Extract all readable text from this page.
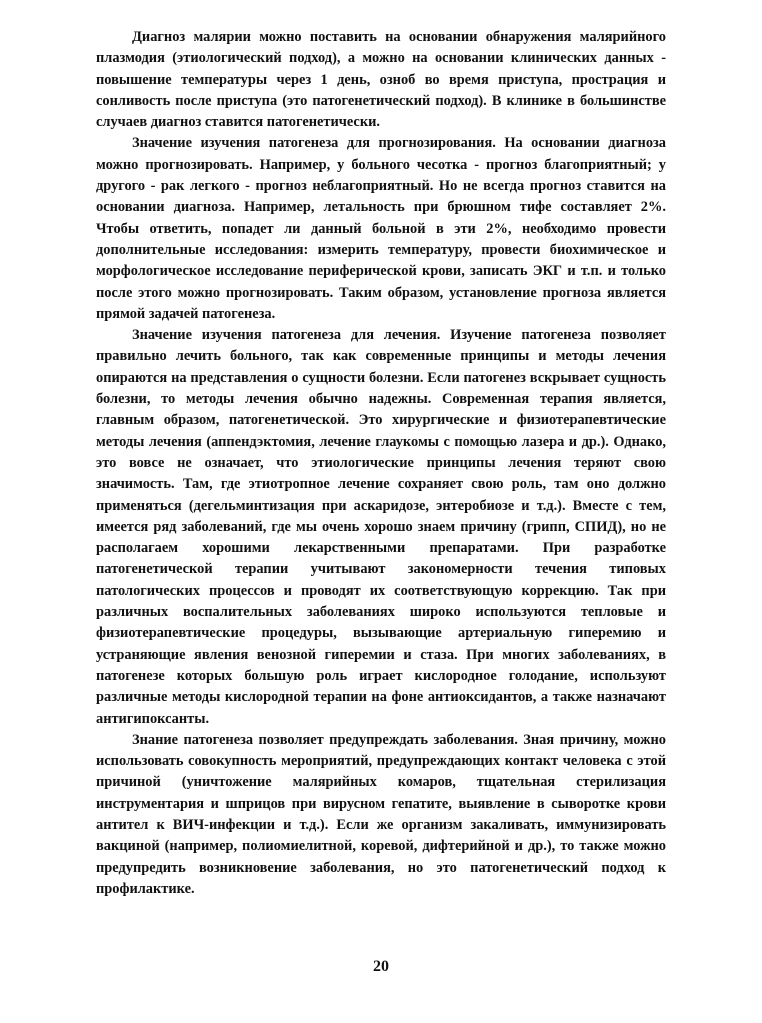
Диагноз маляр​ии можно поставить на основании обнаружения малярийного плазмодия (этиологический подход), а можно на основании клинических данных - повышение температуры через 1 день, озноб во время приступа, прострация и сонливость после приступа (это патогенетический подход). В клинике в большинстве случаев диагноз ставится патогенетически.

Значение изучения патогенеза для прогнозирования. На основании диагноза можно прогнозировать. Например, у больного чесотка - прогноз благоприятный; у другого - рак легкого - прогноз неблагоприятный. Но не всегда прогноз ставится на основании диагноза. Например, летальность при брюшном тифе составляет 2%. Чтобы ответить, попадет ли данный больной в эти 2%, необходимо провести дополнительные исследования: измерить температуру, провести биохимическое и морфологическое исследование периферической крови, записать ЭКГ и т.п. и только после этого можно прогнозировать. Таким образом, установление прогноза является прямой задачей патогенеза.

Значение изучения патогенеза для лечения. Изучение патогенеза позволяет правильно лечить больного, так как современные принципы и методы лечения опираются на представления о сущности болезни. Если патогенез вскрывает сущность болезни, то методы лечения обычно надежны. Современная терапия является, главным образом, патогенетической. Это хирургические и физиотерапевтические методы лечения (аппендэктомия, лечение глаукомы с помощью лазера и др.). Однако, это вовсе не означает, что этиологические принципы лечения теряют свою значимость. Там, где этиотропное лечение сохраняет свою роль, там оно должно применяться (дегельминтизация при аскаридозе, энтеробиозе и т.д.). Вместе с тем, имеется ряд заболеваний, где мы очень хорошо знаем причину (грипп, СПИД), но не располагаем хорошими лекарственными препаратами. При разработке патогенетической терапии учитывают закономерности течения типовых патологических процессов и проводят их соответствующую коррекцию. Так при различных воспалительных заболеваниях широко используются тепловые и физиотерапевтические процедуры, вызывающие артериальную гиперемию и устраняющие явления венозной гиперемии и стаза. При многих заболеваниях, в патогенезе которых большую роль играет кислородное голодание, используют различные методы кислородной терапии на фоне антиоксидантов, а также назначают антигипоксанты.

Знание патогенеза позволяет предупреждать заболевания. Зная причину, можно использовать совокупность мероприятий, предупреждающих контакт человека с этой причиной (уничтожение малярийных комаров, тщательная стерилизация инструментария и шприцов при вирусном гепатите, выявление в сыворотке крови антител к ВИЧ-инфекции и т.д.). Если же организм закаливать, иммунизировать вакциной (например, полиомиелитной, коревой, дифтерийной и др.), то также можно предупредить возникновение заболевания, но это патогенетический подход к профилактике.

20
